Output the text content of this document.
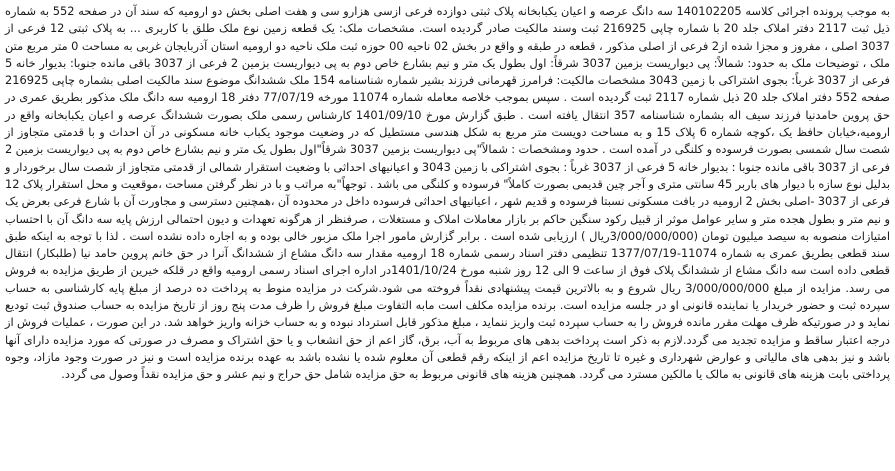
به موجب پرونده اجرائی کلاسه 140102205 سه دانگ عرصه و اعیان یکبابخانه پلاک ثبتی دوازده فرعی ازسی هزارو سی و هفت اصلی بخش دو ارومیه که سند آن در صفحه 552 به شماره ذیل ثبت 2117 دفتر املاک جلد 20 با شماره چاپی 216925 ثبت وسند مالکیت صادر گردیده است. مشخصات ملک: یک قطعه زمین نوع ملک طلق با کاربری ... به پلاک ثبتی 12 فرعی از 3037 اصلی ، مفروز و مجزا شده از2 فرعی از اصلی مذکور ، قطعه در طبقه و واقع در بخش 02 ناحیه 00 حوزه ثبت ملک ناحیه دو ارومیه استان آذربایجان غربی به مساحت 0 متر مربع متن ملک ، توضیحات ملک به حدود: شمالاً: پی دیواریست بزمین 3037 شرقاً: اول بطول یک متر و نیم بشارع خاص دوم به پی دیواریست بزمین 2 فرعی از 3037 باقی مانده جنوبا: بدیوار خانه 5 فرعی از 3037 غرباً: بجوی اشتراکی با زمین 3043 مشخصات مالکیت: فرامرز قهرمانی فرزند بشیر شماره شناسنامه 154 ملک ششدانگ موضوع سند مالکیت اصلی بشماره چاپی 216925 صفحه 552 دفتر املاک جلد 20 ذیل شماره 2117 ثبت گردیده است . سپس بموجب خلاصه معامله شماره 11074 مورخه 77/07/19 دفتر 18 ارومیه سه دانگ ملک مذکور بطریق عمری در حق پروین حامدنیا فرزند سیف اله بشماره شناسنامه 357 انتقال یافته است . طبق گزارش مورخ 1401/09/10 کارشناس رسمی ملک بصورت ششدانگ عرصه و اعیان یکبابخانه واقع در ارومیه،خیابان حافظ یک ،کوچه شماره 6 پلاک 15 و به مساحت دویست متر مربع به شکل هندسی مستطیل که در وضعیت موجود یکباب خانه مسکونی در آن احداث و با قدمتی متجاوز از شصت سال شمسی بصورت فرسوده و کلنگی در آمده است . حدود ومشخصات : شمالاً"پی دیواریست بزمین 3037 شرقاً"اول بطول یک متر و نیم بشارع خاص دوم به پی دیواریست بزمین 2 فرعی از 3037 باقی مانده جنوبا : بدیوار خانه 5 فرعی از 3037 غرباً : بجوی اشتراکی با زمین 3043 و اعیانیهای احداثی با وضعیت استقرار شمالی از قدمتی متجاوز از شصت سال برخوردار و بدلیل نوع سازه با دیوار های باربر 45 سانتی متری و آجر چین قدیمی بصورت کاملاً" فرسوده و کلنگی می باشد . توجهاً"به مراتب و با در نظر گرفتن مساحت ،موقعیت و محل استقرار پلاک 12 فرعی از 3037 -اصلی بخش 2 ارومیه در بافت مسکونی نسبتا فرسوده و قدیم شهر ، اعیانیهای احداثی فرسوده داخل در محدوده آن ،همچنین دسترسی و مجاورت آن با شارع فرعی بعرض یک و نیم متر و بطول هجده متر و سایر عوامل موثر از قبیل رکود سنگین حاکم بر بازار معاملات املاک و مستغلات ، صرفنظر از هرگونه تعهدات و دیون احتمالی ارزش پایه سه دانگ آن با احتساب امتیازات منصوبه به سیصد میلیون تومان (3/000/000/000ریال ) ارزیابی شده است . برابر گزارش مامور اجرا ملک مزبور خالی بوده و به اجاره داده نشده است . لذا با توجه به اینکه طبق سند قطعی بطریق عمری به شماره 11074-1377/07/19 تنظیمی دفتر اسناد رسمی شماره 18 ارومیه مقدار سه دانگ مشاع از ششدانگ آنرا در حق خانم پروین حامد نیا (طلبکار) انتقال قطعی داده است سه دانگ مشاع از ششدانگ پلاک فوق از ساعت 9 الی 12 روز شنبه مورخ 1401/10/24در اداره اجرای اسناد رسمی ارومیه واقع در قلکه خیرین از طریق مزایده به فروش می رسد. مزایده از مبلغ 3/000/000/000 ریال شروع و به بالاترین قیمت پیشنهادی نقداً فروخته می شود.شرکت در مزایده منوط به پرداخت ده درصد از مبلغ پایه کارشناسی به حساب سپرده ثبت و حضور خریدار یا نماینده قانونی او در جلسه مزایده است. برنده مزایده مکلف است مابه التفاوت مبلغ فروش را ظرف مدت پنج روز از تاریخ مزایده به حساب صندوق ثبت تودیع نماید و در صورتیکه ظرف مهلت مقرر مانده فروش را به حساب سپرده ثبت واریز ننماید ، مبلغ مذکور قابل استرداد نبوده و به حساب خزانه واریز خواهد شد. در این صورت ، عملیات فروش از درجه اعتبار ساقط و مزایده تجدید می گردد.لازم به ذکر است پرداخت بدهی های مربوط به آب، برق، گاز اعم از حق انشعاب و یا حق اشتراک و مصرف در صورتی که مورد مزایده دارای آنها باشد و نیز بدهی های مالیاتی و عوارض شهرداری و غیره تا تاریخ مزایده اعم از اینکه رقم قطعی آن معلوم شده یا نشده باشد به عهده برنده مزایده است و نیز در صورت وجود مازاد، وجوه پرداختی بابت هزینه های قانونی به مالک یا مالکین مسترد می گردد. همچنین هزینه های قانونی مربوط به حق مزایده شامل حق حراج و نیم عشر و حق مزایده نقداً وصول می گردد.
